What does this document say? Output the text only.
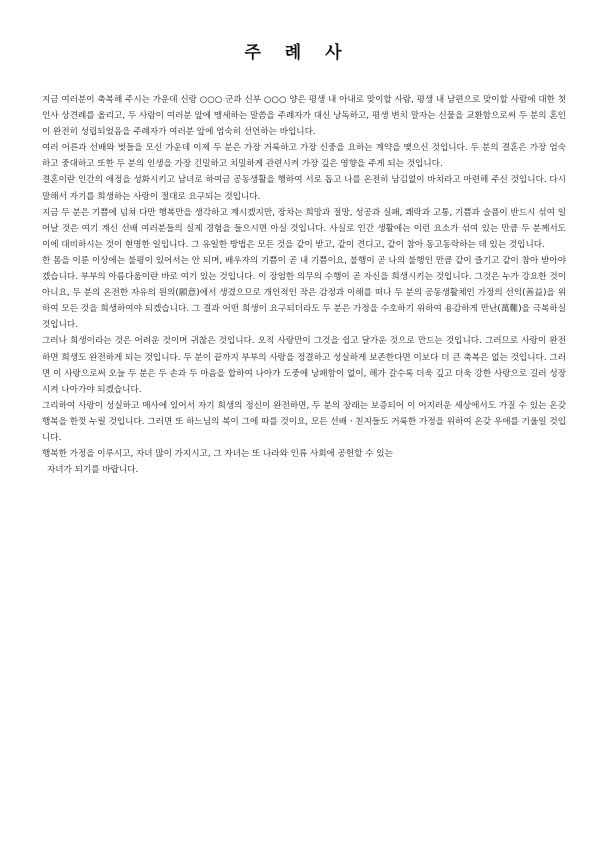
주 례 사

지금 여러분이 축복해 주시는 가운데 신랑 ○○○ 군과 신부 ○○○ 양은 평생 내 아내로 맞이할 사람, 평생 내 남편으로 맞이할 사람에 대한 첫인사 상견례를 올리고, 두 사람이 여러분 앞에 맹세하는 말씀을 주례자가 대신 낭독하고, 평생 변치 말자는 신물을 교환함으로써 두 분의 혼인이 완전히 성립되었음을 주례자가 여러분 앞에 엄숙히 선언하는 바입니다.

여러 어른과 선배와 벗들을 모신 가운데 이제 두 분은 가장 거룩하고 가장 신중을 요하는 계약을 맺으신 것입니다. 두 분의 결혼은 가장 엄숙하고 중대하고 또한 두 분의 인생을 가장 긴밀하고 치밀하게 관련시켜 가장 깊은 영향을 주게 되는 것입니다.

결혼이란 인간의 애정을 성화시키고 남녀로 하여금 공동생활을 행하여 서로 돕고 나를 온전히 남김없이 바치라고 마련해 주신 것입니다. 다시 말해서 자기를 희생하는 사랑이 절대로 요구되는 것입니다.

지금 두 분은 기쁨에 넘쳐 다만 행복만을 생각하고 계시겠지만, 장차는 희망과 절망, 성공과 실패, 쾌락과 고통, 기쁨과 슬픔이 반드시 섞여 일어날 것은 여기 계신 선배 여러분들의 실제 경험을 들으시면 아실 것입니다. 사실로 인간 생활에는 이런 요소가 섞여 있는 만큼 두 분께서도 이에 대비하시는 것이 현명한 일입니다. 그 유일한 방법은 모든 것을 같이 받고, 같이 견디고, 같이 참아 동고동락하는 데 있는 것입니다.

한 몸을 이룬 이상에는 불평이 있어서는 안 되며, 배우자의 기쁨이 곧 내 기쁨이요, 불행이 곧 나의 불행인 만큼 같이 즐기고 같이 참아 받아야겠습니다. 부부의 아름다움이란 바로 여기 있는 것입니다. 이 장엄한 의무의 수행이 곧 자신을 희생시키는 것입니다. 그것은 누가 강요한 것이 아니요, 두 분의 온전한 자유의 원의(願意)에서 생겼으므로 개인적인 작은 감정과 이해를 떠나 두 분의 공동생활체인 가정의 선익(善益)을 위하여 모든 것을 희생하여야 되겠습니다. 그 결과 어떤 희생이 요구되더라도 두 분은 가정을 수호하기 위하여 용감하게 만난(萬難)을 극복하실 것입니다.

그러나 희생이라는 것은 어려운 것이며 귀찮은 것입니다. 오직 사랑만이 그것을 쉽고 달가운 것으로 만드는 것입니다. 그러므로 사랑이 완전하면 희생도 완전하게 되는 것입니다. 두 분이 끝까지 부부의 사랑을 정결하고 성실하게 보존한다면 이보다 더 큰 축복은 없는 것입니다. 그러면 이 사랑으로써 오늘 두 분은 두 손과 두 마음을 합하여 나아가 도중에 낭패함이 없이, 해가 갈수록 더욱 깊고 더욱 강한 사랑으로 길러 성장시켜 나아가야 되겠습니다.

그리하여 사랑이 성실하고 매사에 있어서 자기 희생의 정신이 완전하면, 두 분의 장래는 보증되어 이 어지러운 세상에서도 가질 수 있는 온갖 행복을 한껏 누릴 것입니다. 그러면 또 하느님의 복이 그에 따를 것이요, 모든 선배ㆍ친지들도 거룩한 가정을 위하여 온갖 우애를 기울일 것입니다.

행복한 가정을 이루시고, 자녀 많이 가지시고, 그 자녀는 또 나라와 인류 사회에 공헌할 수 있는

자녀가 되기를 바랍니다.
